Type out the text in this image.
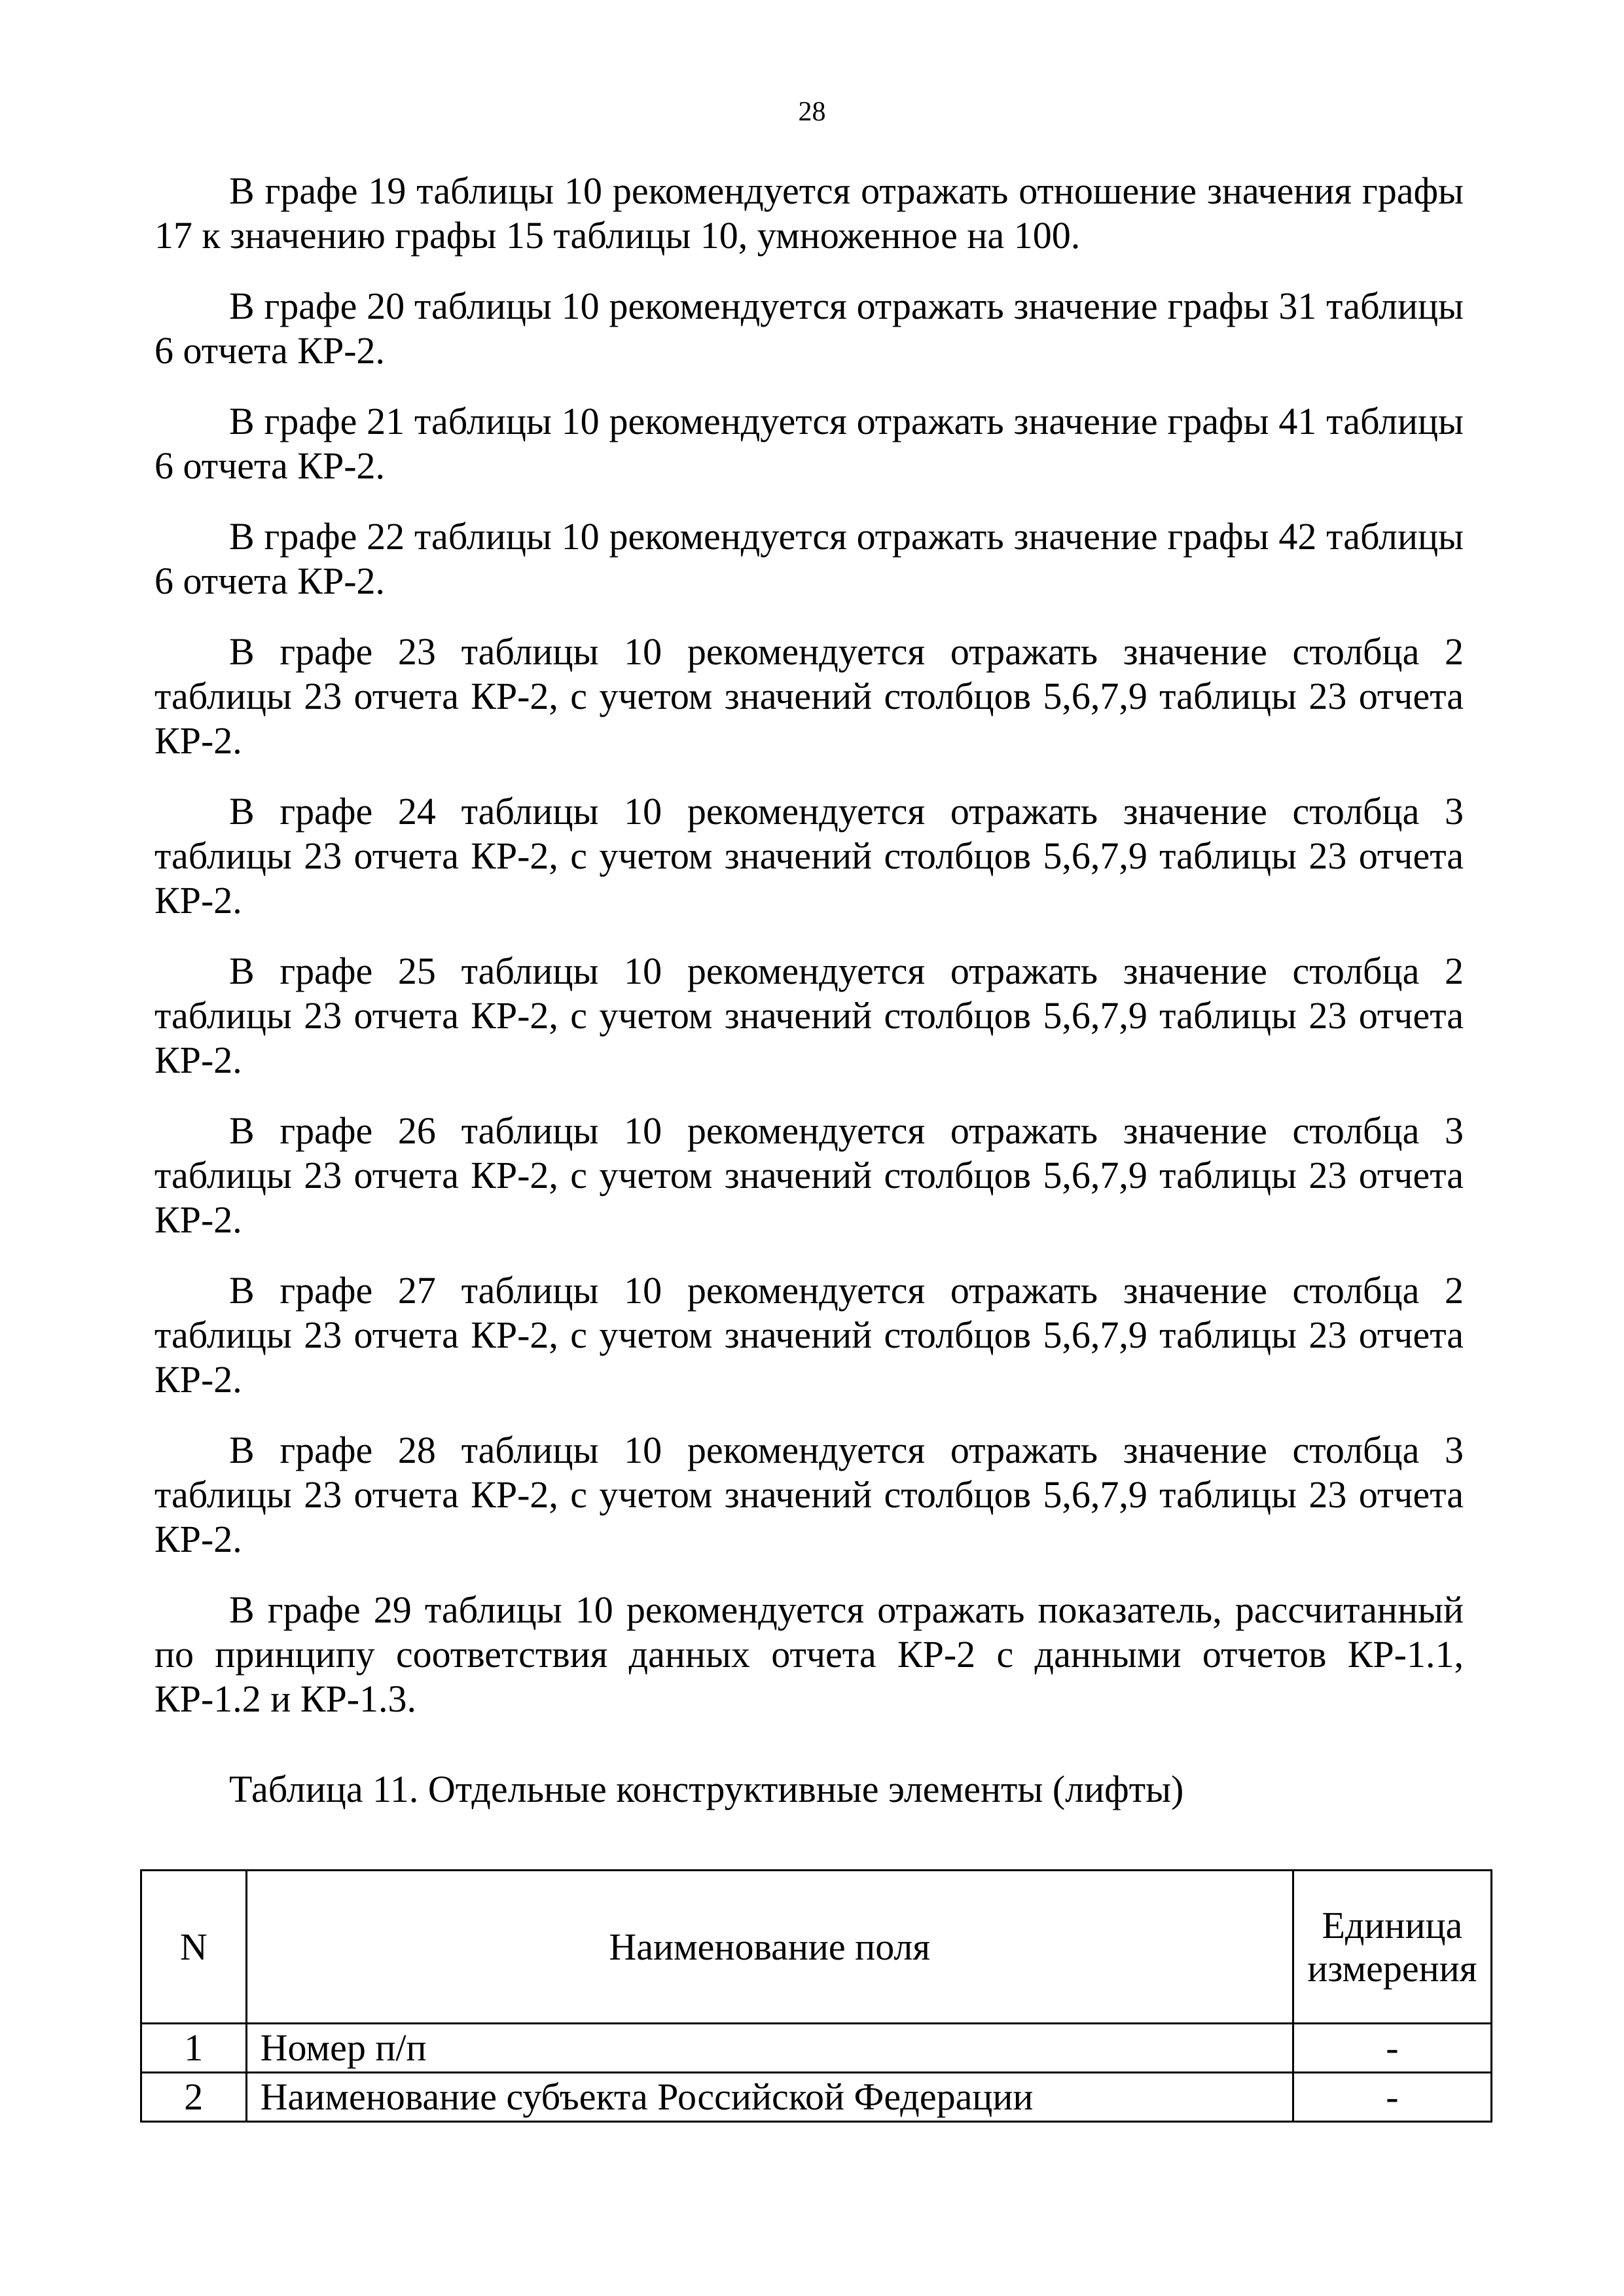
28

В графе 19 таблицы 10 рекомендуется отражать отношение значения графы 17 к значению графы 15 таблицы 10, умноженное на 100.

В графе 20 таблицы 10 рекомендуется отражать значение графы 31 таблицы 6 отчета КР-2.

В графе 21 таблицы 10 рекомендуется отражать значение графы 41 таблицы 6 отчета КР-2.

В графе 22 таблицы 10 рекомендуется отражать значение графы 42 таблицы 6 отчета КР-2.

В графе 23 таблицы 10 рекомендуется отражать значение столбца 2 таблицы 23 отчета КР-2, с учетом значений столбцов 5,6,7,9 таблицы 23 отчета КР-2.

В графе 24 таблицы 10 рекомендуется отражать значение столбца 3 таблицы 23 отчета КР-2, с учетом значений столбцов 5,6,7,9 таблицы 23 отчета КР-2.

В графе 25 таблицы 10 рекомендуется отражать значение столбца 2 таблицы 23 отчета КР-2, с учетом значений столбцов 5,6,7,9 таблицы 23 отчета КР-2.

В графе 26 таблицы 10 рекомендуется отражать значение столбца 3 таблицы 23 отчета КР-2, с учетом значений столбцов 5,6,7,9 таблицы 23 отчета КР-2.

В графе 27 таблицы 10 рекомендуется отражать значение столбца 2 таблицы 23 отчета КР-2, с учетом значений столбцов 5,6,7,9 таблицы 23 отчета КР-2.

В графе 28 таблицы 10 рекомендуется отражать значение столбца 3 таблицы 23 отчета КР-2, с учетом значений столбцов 5,6,7,9 таблицы 23 отчета КР-2.

В графе 29 таблицы 10 рекомендуется отражать показатель, рассчитанный по принципу соответствия данных отчета КР-2 с данными отчетов КР-1.1, КР-1.2 и КР-1.3.

Таблица 11. Отдельные конструктивные элементы (лифты)

N	Наименование поля	Единица измерения
1	Номер п/п	-
2	Наименование субъекта Российской Федерации	-
